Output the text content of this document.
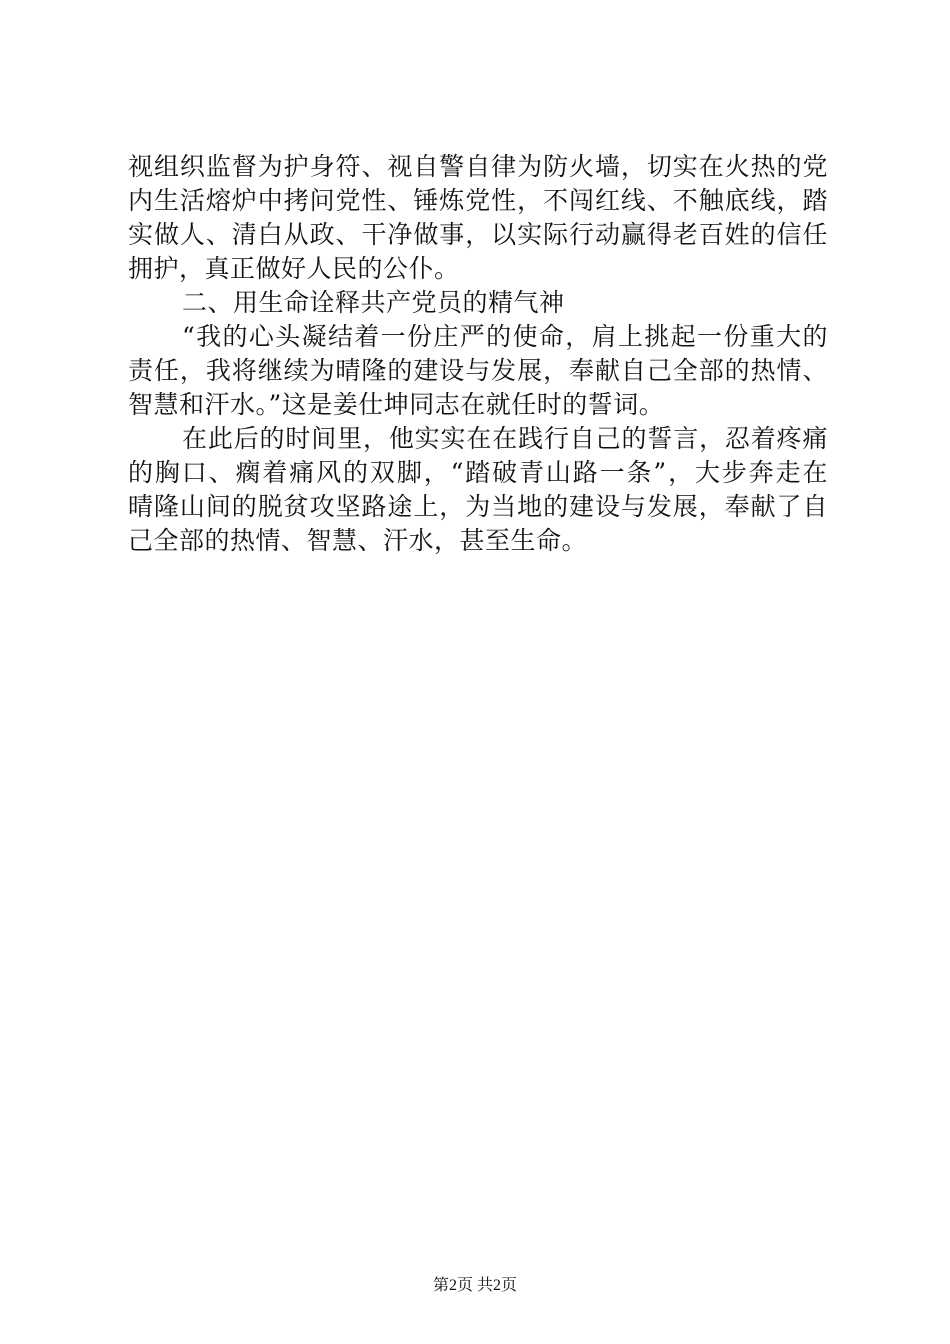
视组织监督为护身符、视自警自律为防火墙，切实在火热的党
内生活熔炉中拷问党性、锤炼党性，不闯红线、不触底线，踏
实做人、清白从政、干净做事，以实际行动赢得老百姓的信任
拥护，真正做好人民的公仆。
二、用生命诠释共产党员的精气神
“我的心头凝结着一份庄严的使命，肩上挑起一份重大的
责任，我将继续为晴隆的建设与发展，奉献自己全部的热情、
智慧和汗水。”这是姜仕坤同志在就任时的誓词。
在此后的时间里，他实实在在践行自己的誓言，忍着疼痛
的胸口、瘸着痛风的双脚，“踏破青山路一条”，大步奔走在
晴隆山间的脱贫攻坚路途上，为当地的建设与发展，奉献了自
己全部的热情、智慧、汗水，甚至生命。
第2页 共2页
